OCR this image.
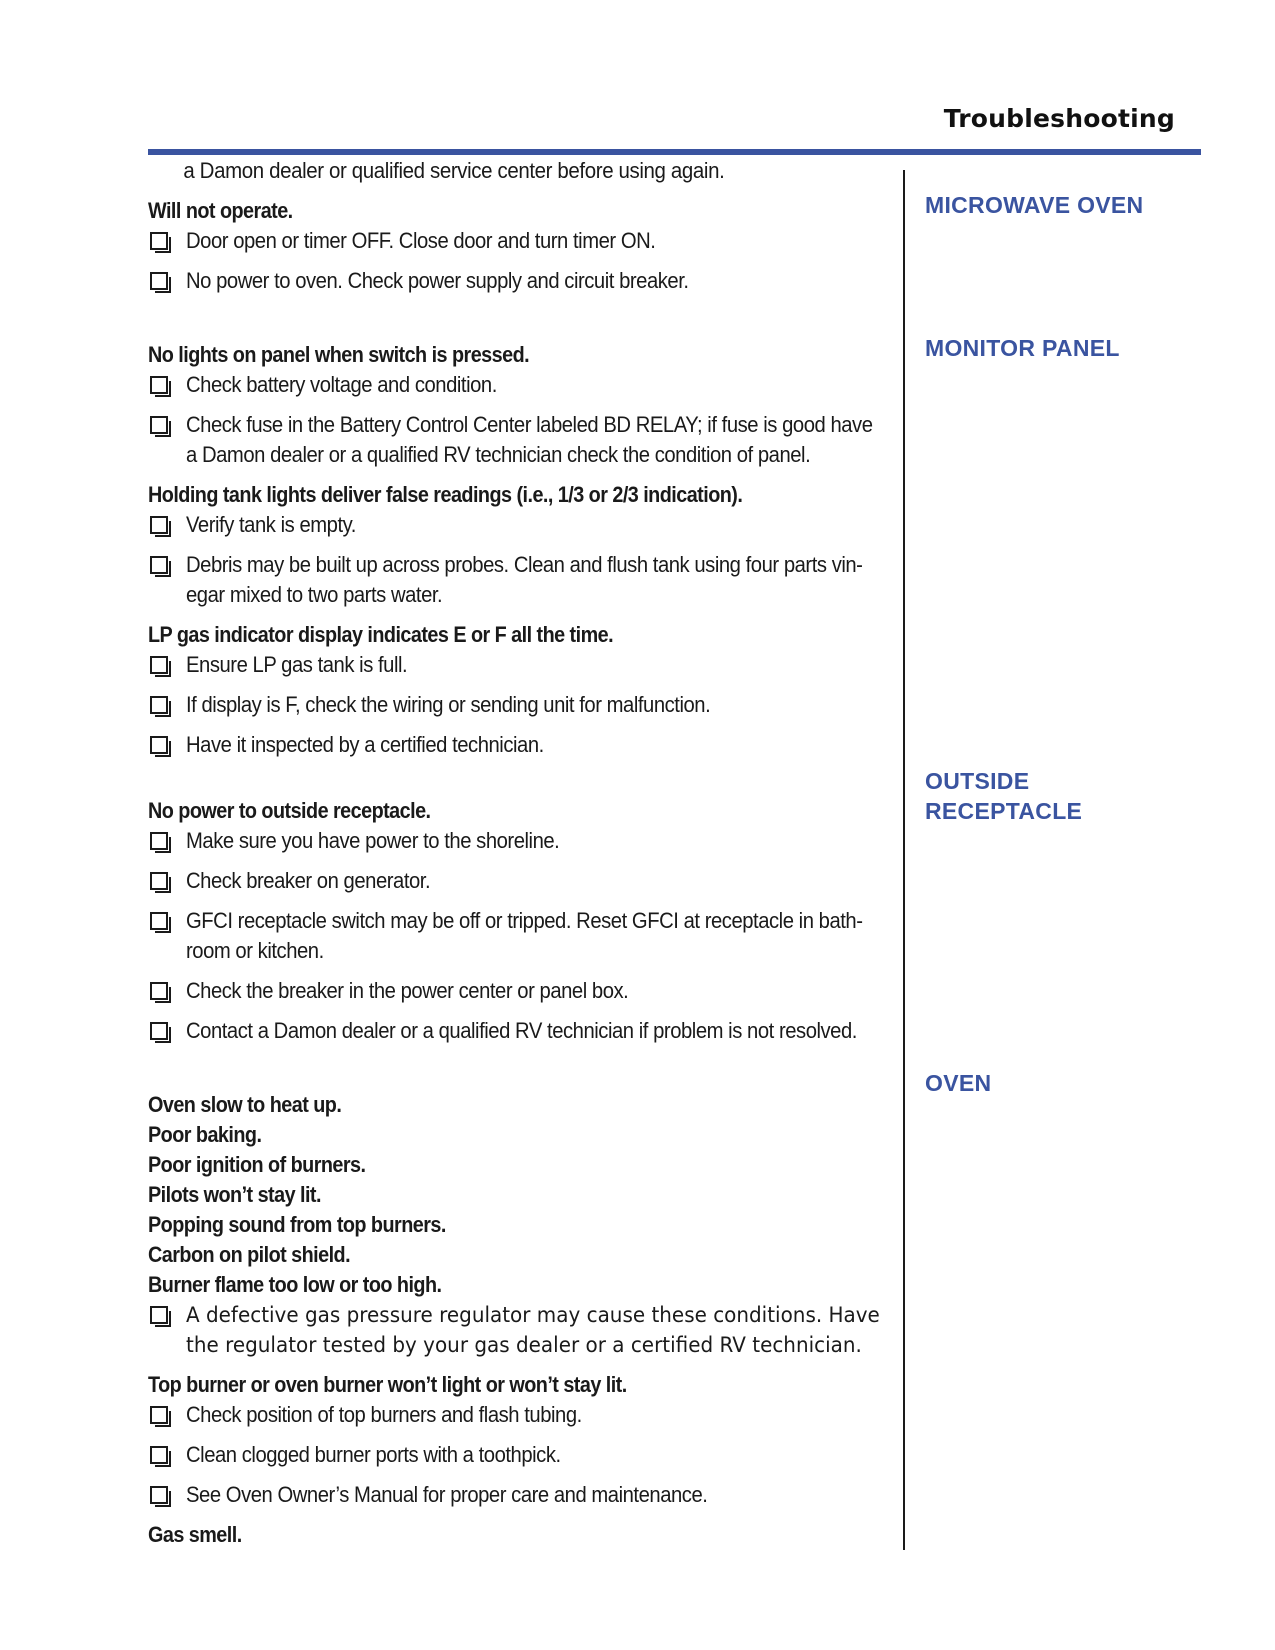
Troubleshooting
MICROWAVE OVEN
MONITOR PANEL
OUTSIDE
RECEPTACLE
OVEN
a Damon dealer or qualified service center before using again.
Will not operate.
Door open or timer OFF. Close door and turn timer ON.
No power to oven. Check power supply and circuit breaker.
No lights on panel when switch is pressed.
Check battery voltage and condition.
Check fuse in the Battery Control Center labeled BD RELAY; if fuse is good have a Damon dealer or a qualified RV technician check the condition of panel.
Holding tank lights deliver false readings (i.e., 1/3 or 2/3 indication).
Verify tank is empty.
Debris may be built up across probes. Clean and flush tank using four parts vin-egar mixed to two parts water.
LP gas indicator display indicates E or F all the time.
Ensure LP gas tank is full.
If display is F, check the wiring or sending unit for malfunction.
Have it inspected by a certified technician.
No power to outside receptacle.
Make sure you have power to the shoreline.
Check breaker on generator.
GFCI receptacle switch may be off or tripped. Reset GFCI at receptacle in bath-room or kitchen.
Check the breaker in the power center or panel box.
Contact a Damon dealer or a qualified RV technician if problem is not resolved.
Oven slow to heat up.
Poor baking.
Poor ignition of burners.
Pilots won’t stay lit.
Popping sound from top burners.
Carbon on pilot shield.
Burner flame too low or too high.
A defective gas pressure regulator may cause these conditions. Have the regulator tested by your gas dealer or a certified RV technician.
Top burner or oven burner won’t light or won’t stay lit.
Check position of top burners and flash tubing.
Clean clogged burner ports with a toothpick.
See Oven Owner’s Manual for proper care and maintenance.
Gas smell.
